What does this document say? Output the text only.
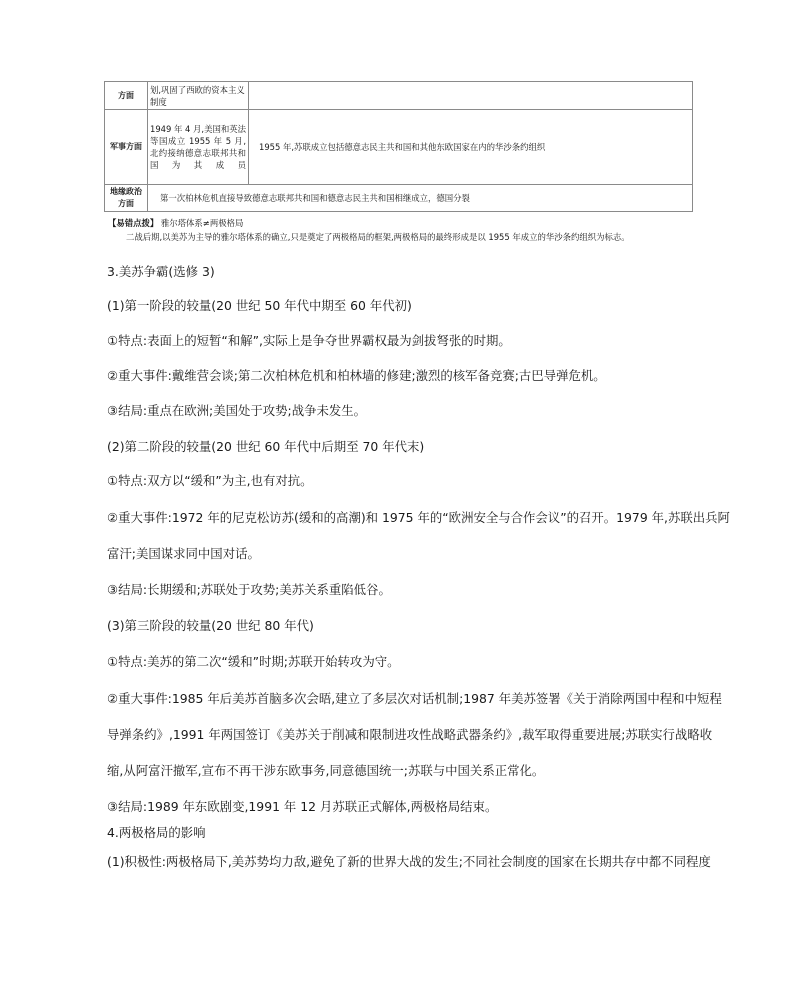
方面	划,巩固了西欧的资本主义制度	
军事方面	1949 年 4 月,美国和英法等国成立 1955 年 5 月,北约接纳德意志联邦共和国为其成员	1955 年,苏联成立包括德意志民主共和国和其他东欧国家在内的华沙条约组织
地缘政治方面	第一次柏林危机直接导致德意志联邦共和国和德意志民主共和国相继成立，德国分裂	
【易错点拨】 雅尔塔体系≠两极格局
二战后期,以美苏为主导的雅尔塔体系的确立,只是奠定了两极格局的框架,两极格局的最终形成是以 1955 年成立的华沙条约组织为标志。
3.美苏争霸(选修 3)
(1)第一阶段的较量(20 世纪 50 年代中期至 60 年代初)
①特点:表面上的短暂“和解”,实际上是争夺世界霸权最为剑拔弩张的时期。
②重大事件:戴维营会谈;第二次柏林危机和柏林墙的修建;激烈的核军备竞赛;古巴导弹危机。
③结局:重点在欧洲;美国处于攻势;战争未发生。
(2)第二阶段的较量(20 世纪 60 年代中后期至 70 年代末)
①特点:双方以“缓和”为主,也有对抗。
②重大事件:1972 年的尼克松访苏(缓和的高潮)和 1975 年的“欧洲安全与合作会议”的召开。1979 年,苏联出兵阿
富汗;美国谋求同中国对话。
③结局:长期缓和;苏联处于攻势;美苏关系重陷低谷。
(3)第三阶段的较量(20 世纪 80 年代)
①特点:美苏的第二次“缓和”时期;苏联开始转攻为守。
②重大事件:1985 年后美苏首脑多次会晤,建立了多层次对话机制;1987 年美苏签署《关于消除两国中程和中短程
导弹条约》,1991 年两国签订《美苏关于削减和限制进攻性战略武器条约》,裁军取得重要进展;苏联实行战略收
缩,从阿富汗撤军,宣布不再干涉东欧事务,同意德国统一;苏联与中国关系正常化。
③结局:1989 年东欧剧变,1991 年 12 月苏联正式解体,两极格局结束。
4.两极格局的影响
(1)积极性:两极格局下,美苏势均力敌,避免了新的世界大战的发生;不同社会制度的国家在长期共存中都不同程度
